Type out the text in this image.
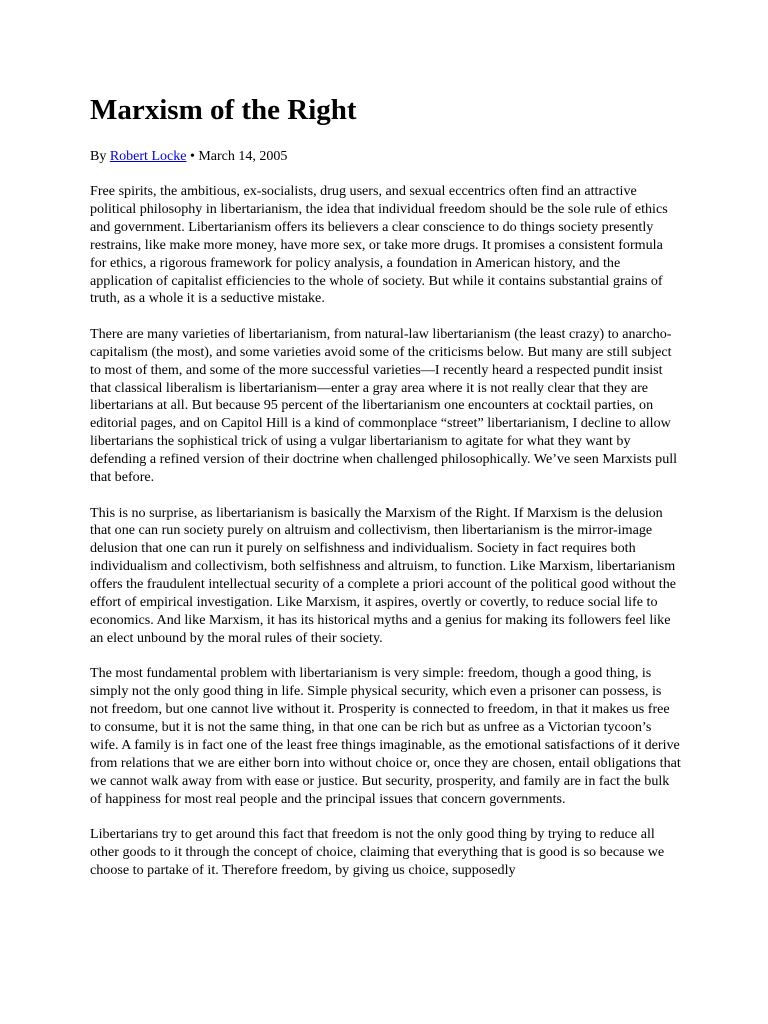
Marxism of the Right
By Robert Locke • March 14, 2005

Free spirits, the ambitious, ex-socialists, drug users, and sexual eccentrics often find an attractive political philosophy in libertarianism, the idea that individual freedom should be the sole rule of ethics and government. Libertarianism offers its believers a clear conscience to do things society presently restrains, like make more money, have more sex, or take more drugs. It promises a consistent formula for ethics, a rigorous framework for policy analysis, a foundation in American history, and the application of capitalist efficiencies to the whole of society. But while it contains substantial grains of truth, as a whole it is a seductive mistake.

There are many varieties of libertarianism, from natural-law libertarianism (the least crazy) to anarcho-capitalism (the most), and some varieties avoid some of the criticisms below. But many are still subject to most of them, and some of the more successful varieties—I recently heard a respected pundit insist that classical liberalism is libertarianism—enter a gray area where it is not really clear that they are libertarians at all. But because 95 percent of the libertarianism one encounters at cocktail parties, on editorial pages, and on Capitol Hill is a kind of commonplace “street” libertarianism, I decline to allow libertarians the sophistical trick of using a vulgar libertarianism to agitate for what they want by defending a refined version of their doctrine when challenged philosophically. We’ve seen Marxists pull that before.

This is no surprise, as libertarianism is basically the Marxism of the Right. If Marxism is the delusion that one can run society purely on altruism and collectivism, then libertarianism is the mirror-image delusion that one can run it purely on selfishness and individualism. Society in fact requires both individualism and collectivism, both selfishness and altruism, to function. Like Marxism, libertarianism offers the fraudulent intellectual security of a complete a priori account of the political good without the effort of empirical investigation. Like Marxism, it aspires, overtly or covertly, to reduce social life to economics. And like Marxism, it has its historical myths and a genius for making its followers feel like an elect unbound by the moral rules of their society.

The most fundamental problem with libertarianism is very simple: freedom, though a good thing, is simply not the only good thing in life. Simple physical security, which even a prisoner can possess, is not freedom, but one cannot live without it. Prosperity is connected to freedom, in that it makes us free to consume, but it is not the same thing, in that one can be rich but as unfree as a Victorian tycoon’s wife. A family is in fact one of the least free things imaginable, as the emotional satisfactions of it derive from relations that we are either born into without choice or, once they are chosen, entail obligations that we cannot walk away from with ease or justice. But security, prosperity, and family are in fact the bulk of happiness for most real people and the principal issues that concern governments.

Libertarians try to get around this fact that freedom is not the only good thing by trying to reduce all other goods to it through the concept of choice, claiming that everything that is good is so because we choose to partake of it. Therefore freedom, by giving us choice, supposedly
